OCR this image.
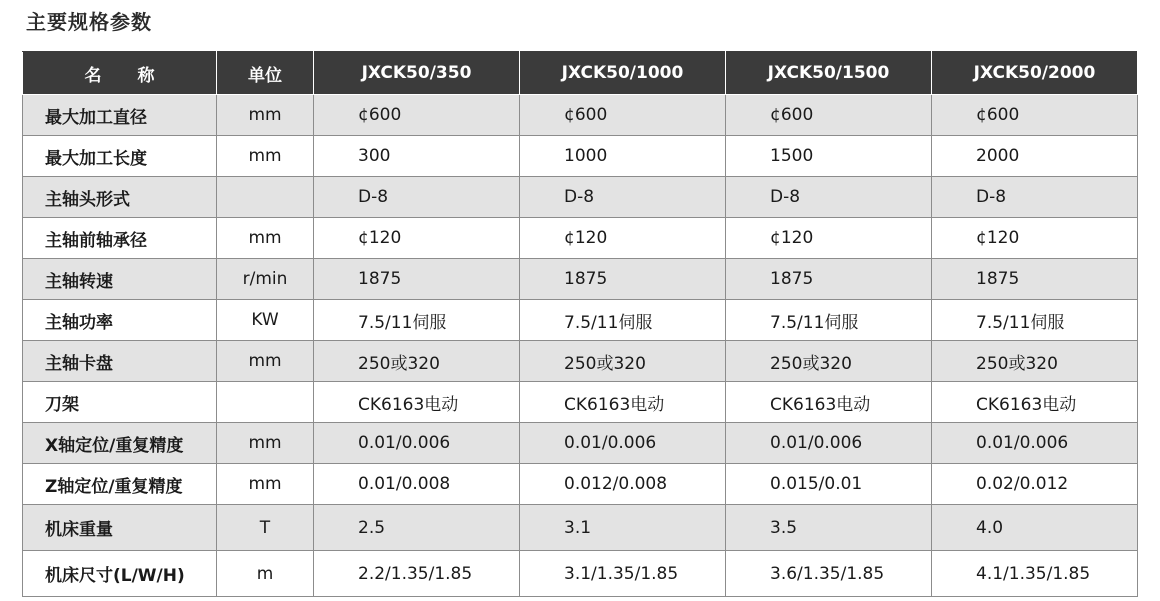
主要规格参数
名 称	单位	JXCK50/350	JXCK50/1000	JXCK50/1500	JXCK50/2000
最大加工直径	mm	¢600	¢600	¢600	¢600
最大加工长度	mm	300	1000	1500	2000
主轴头形式		D-8	D-8	D-8	D-8
主轴前轴承径	mm	¢120	¢120	¢120	¢120
主轴转速	r/min	1875	1875	1875	1875
主轴功率	KW	7.5/11伺服	7.5/11伺服	7.5/11伺服	7.5/11伺服
主轴卡盘	mm	250或320	250或320	250或320	250或320
刀架		CK6163电动	CK6163电动	CK6163电动	CK6163电动
X轴定位/重复精度	mm	0.01/0.006	0.01/0.006	0.01/0.006	0.01/0.006
Z轴定位/重复精度	mm	0.01/0.008	0.012/0.008	0.015/0.01	0.02/0.012
机床重量	T	2.5	3.1	3.5	4.0
机床尺寸(L/W/H)	m	2.2/1.35/1.85	3.1/1.35/1.85	3.6/1.35/1.85	4.1/1.35/1.85
